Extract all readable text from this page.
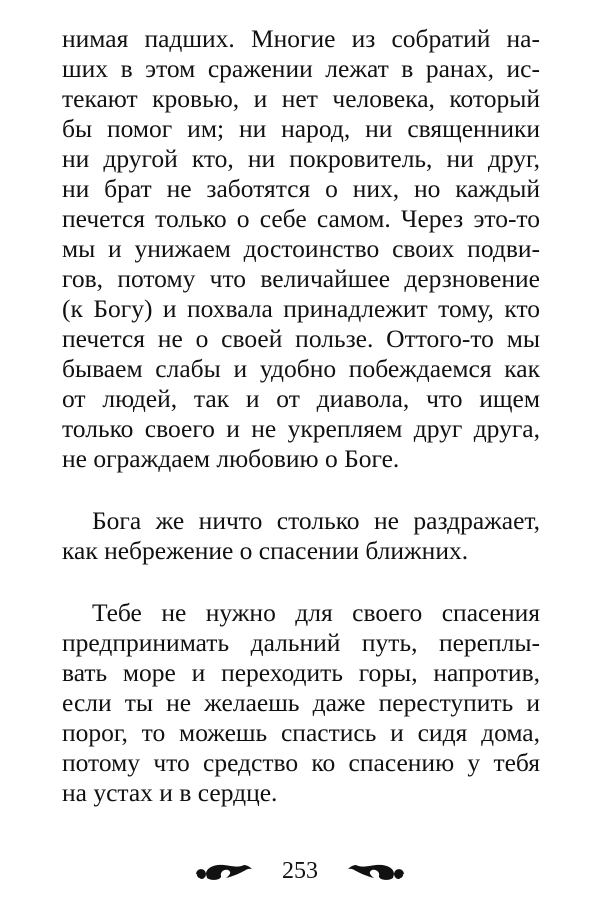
нимая падших. Многие из собратий на-
ших в этом сражении лежат в ранах, ис-
текают кровью, и нет человека, который
бы помог им; ни народ, ни священники
ни другой кто, ни покровитель, ни друг,
ни брат не заботятся о них, но каждый
печется только о себе самом. Через это-то
мы и унижаем достоинство своих подви-
гов, потому что величайшее дерзновение
(к Богу) и похвала принадлежит тому, кто
печется не о своей пользе. Оттого-то мы
бываем слабы и удобно побеждаемся как
от людей, так и от диавола, что ищем
только своего и не укрепляем друг друга,
не ограждаем любовию о Боге.
Бога же ничто столько не раздражает,
как небрежение о спасении ближних.
Тебе не нужно для своего спасения
предпринимать дальний путь, переплы-
вать море и переходить горы, напротив,
если ты не желаешь даже переступить и
порог, то можешь спастись и сидя дома,
потому что средство ко спасению у тебя
на устах и в сердце.
253
